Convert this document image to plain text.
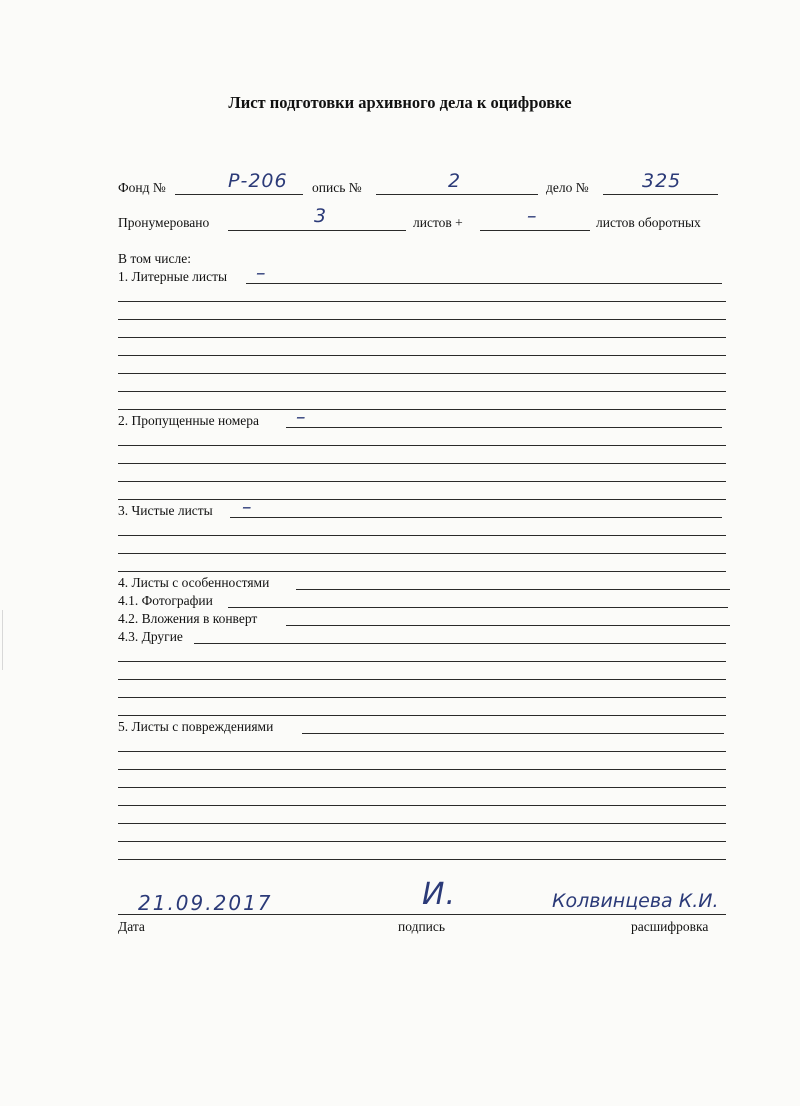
Лист подготовки архивного дела к оцифровке
Фонд №	Р-206 опись №	2	дело №	325
Пронумеровано	3	листов +	–	листов оборотных
В том числе:
1. Литерные листы –
2. Пропущенные номера –
3. Чистые листы –
4. Листы с особенностями
4.1. Фотографии
4.2. Вложения в конверт
4.3. Другие
5. Листы с повреждениями
21.09.2017	И.	Колвинцева К.И.
Дата	подпись	расшифровка
